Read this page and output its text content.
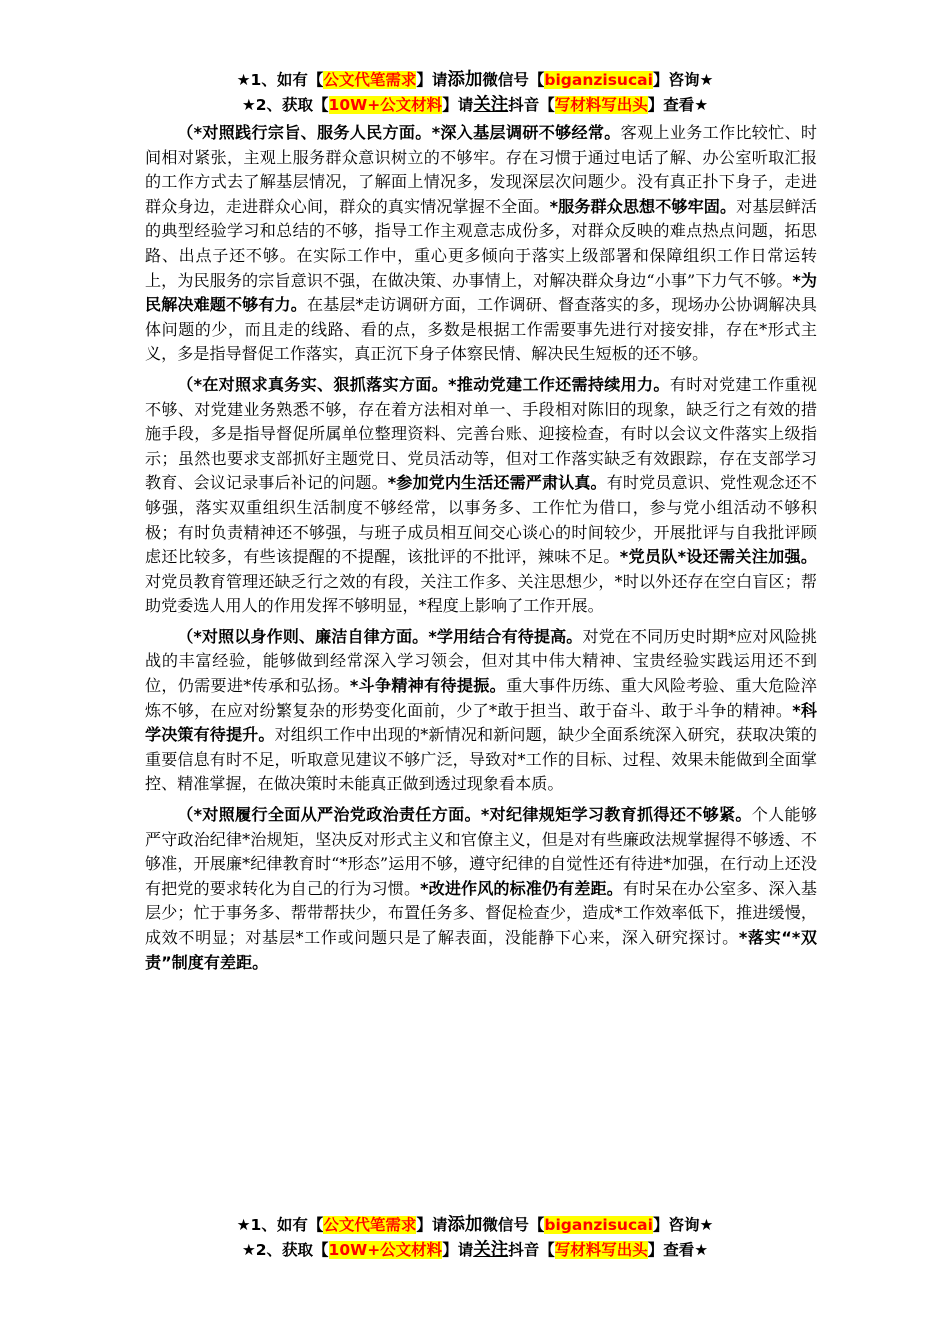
★1、如有【公文代笔需求】请添加微信号【biganzisucai】咨询★
★2、获取【10W+公文材料】请关注抖音【写材料写出头】查看★

（*对照践行宗旨、服务人民方面。*深入基层调研不够经常。客观上业务工作比较忙、时间相对紧张，主观上服务群众意识树立的不够牢。存在习惯于通过电话了解、办公室听取汇报的工作方式去了解基层情况，了解面上情况多，发现深层次问题少。没有真正扑下身子，走进群众身边，走进群众心间，群众的真实情况掌握不全面。*服务群众思想不够牢固。对基层鲜活的典型经验学习和总结的不够，指导工作主观意志成份多，对群众反映的难点热点问题，拓思路、出点子还不够。在实际工作中，重心更多倾向于落实上级部署和保障组织工作日常运转上，为民服务的宗旨意识不强，在做决策、办事情上，对解决群众身边“小事”下力气不够。*为民解决难题不够有力。在基层*走访调研方面，工作调研、督查落实的多，现场办公协调解决具体问题的少，而且走的线路、看的点，多数是根据工作需要事先进行对接安排，存在*形式主义，多是指导督促工作落实，真正沉下身子体察民情、解决民生短板的还不够。

（*在对照求真务实、狠抓落实方面。*推动党建工作还需持续用力。有时对党建工作重视不够、对党建业务熟悉不够，存在着方法相对单一、手段相对陈旧的现象，缺乏行之有效的措施手段，多是指导督促所属单位整理资料、完善台账、迎接检查，有时以会议文件落实上级指示；虽然也要求支部抓好主题党日、党员活动等，但对工作落实缺乏有效跟踪，存在支部学习教育、会议记录事后补记的问题。*参加党内生活还需严肃认真。有时党员意识、党性观念还不够强，落实双重组织生活制度不够经常，以事务多、工作忙为借口，参与党小组活动不够积极；有时负责精神还不够强，与班子成员相互间交心谈心的时间较少，开展批评与自我批评顾虑还比较多，有些该提醒的不提醒，该批评的不批评，辣味不足。*党员队*设还需关注加强。对党员教育管理还缺乏行之效的有段，关注工作多、关注思想少，*时以外还存在空白盲区；帮助党委选人用人的作用发挥不够明显，*程度上影响了工作开展。

（*对照以身作则、廉洁自律方面。*学用结合有待提高。对党在不同历史时期*应对风险挑战的丰富经验，能够做到经常深入学习领会，但对其中伟大精神、宝贵经验实践运用还不到位，仍需要进*传承和弘扬。*斗争精神有待提振。重大事件历练、重大风险考验、重大危险淬炼不够，在应对纷繁复杂的形势变化面前，少了*敢于担当、敢于奋斗、敢于斗争的精神。*科学决策有待提升。对组织工作中出现的*新情况和新问题，缺少全面系统深入研究，获取决策的重要信息有时不足，听取意见建议不够广泛，导致对*工作的目标、过程、效果未能做到全面掌控、精准掌握，在做决策时未能真正做到透过现象看本质。

（*对照履行全面从严治党政治责任方面。*对纪律规矩学习教育抓得还不够紧。个人能够严守政治纪律*治规矩，坚决反对形式主义和官僚主义，但是对有些廉政法规掌握得不够透、不够准，开展廉*纪律教育时“*形态”运用不够，遵守纪律的自觉性还有待进*加强，在行动上还没有把党的要求转化为自己的行为习惯。*改进作风的标准仍有差距。有时呆在办公室多、深入基层少；忙于事务多、帮带帮扶少，布置任务多、督促检查少，造成*工作效率低下，推进缓慢，成效不明显；对基层*工作或问题只是了解表面，没能静下心来，深入研究探讨。*落实“*双责”制度有差距。

★1、如有【公文代笔需求】请添加微信号【biganzisucai】咨询★
★2、获取【10W+公文材料】请关注抖音【写材料写出头】查看★
